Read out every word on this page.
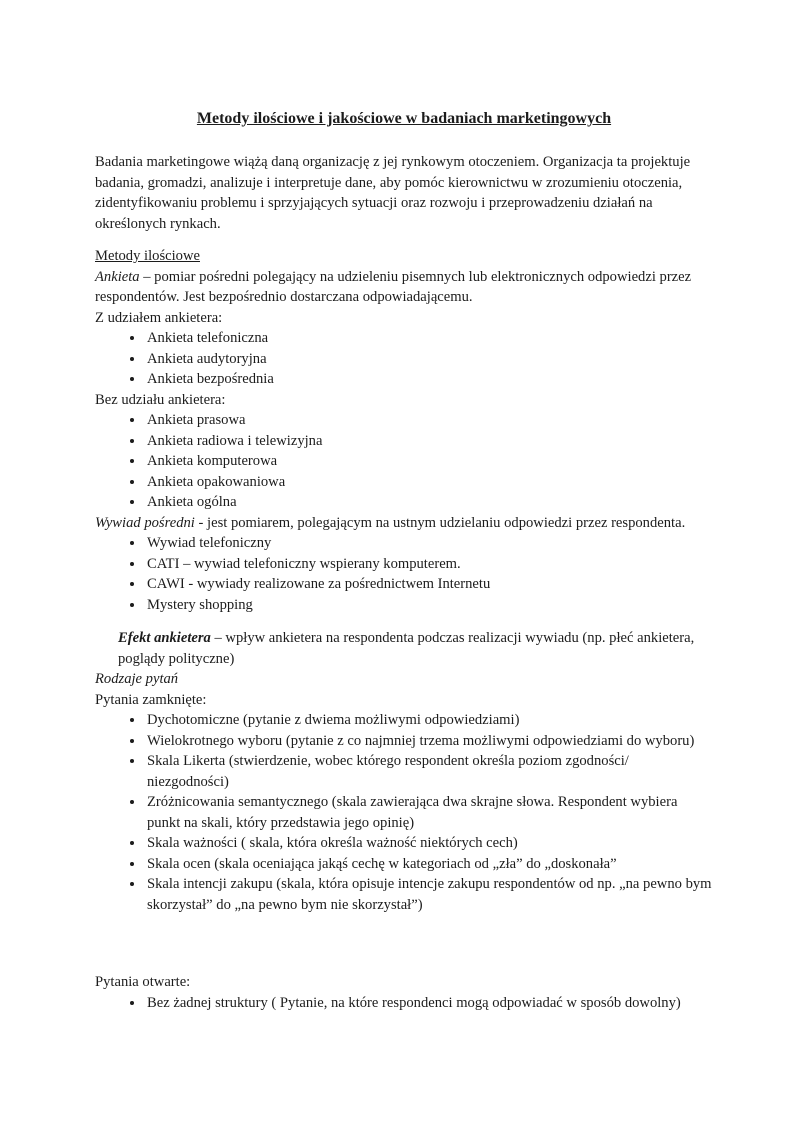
Metody ilościowe i jakościowe w badaniach marketingowych

Badania marketingowe wiążą daną organizację z jej rynkowym otoczeniem. Organizacja ta projektuje badania, gromadzi, analizuje i interpretuje dane, aby pomóc kierownictwu w zrozumieniu otoczenia, zidentyfikowaniu problemu i sprzyjających sytuacji oraz rozwoju i przeprowadzeniu działań na określonych rynkach.

Metody ilościowe

Ankieta – pomiar pośredni polegający na udzieleniu pisemnych lub elektronicznych odpowiedzi przez respondentów. Jest bezpośrednio dostarczana odpowiadającemu.

Z udziałem ankietera:

• Ankieta telefoniczna
• Ankieta audytoryjna
• Ankieta bezpośrednia

Bez udziału ankietera:

• Ankieta prasowa
• Ankieta radiowa i telewizyjna
• Ankieta komputerowa
• Ankieta opakowaniowa
• Ankieta ogólna

Wywiad pośredni - jest pomiarem, polegającym na ustnym udzielaniu odpowiedzi przez respondenta.

• Wywiad telefoniczny
• CATI – wywiad telefoniczny wspierany komputerem.
• CAWI - wywiady realizowane za pośrednictwem Internetu
• Mystery shopping

Efekt ankietera – wpływ ankietera na respondenta podczas realizacji wywiadu (np. płeć ankietera, poglądy polityczne)

Rodzaje pytań

Pytania zamknięte:

• Dychotomiczne (pytanie z dwiema możliwymi odpowiedziami)
• Wielokrotnego wyboru (pytanie z co najmniej trzema możliwymi odpowiedziami do wyboru)
• Skala Likerta (stwierdzenie, wobec którego respondent określa poziom zgodności/ niezgodności)
• Zróżnicowania semantycznego (skala zawierająca dwa skrajne słowa. Respondent wybiera punkt na skali, który przedstawia jego opinię)
• Skala ważności ( skala, która określa ważność niektórych cech)
• Skala ocen (skala oceniająca jakąś cechę w kategoriach od „zła” do „doskonała”
• Skala intencji zakupu (skala, która opisuje intencje zakupu respondentów od np. „na pewno bym skorzystał” do „na pewno bym nie skorzystał”)

Pytania otwarte:

• Bez żadnej struktury ( Pytanie, na które respondenci mogą odpowiadać w sposób dowolny)
